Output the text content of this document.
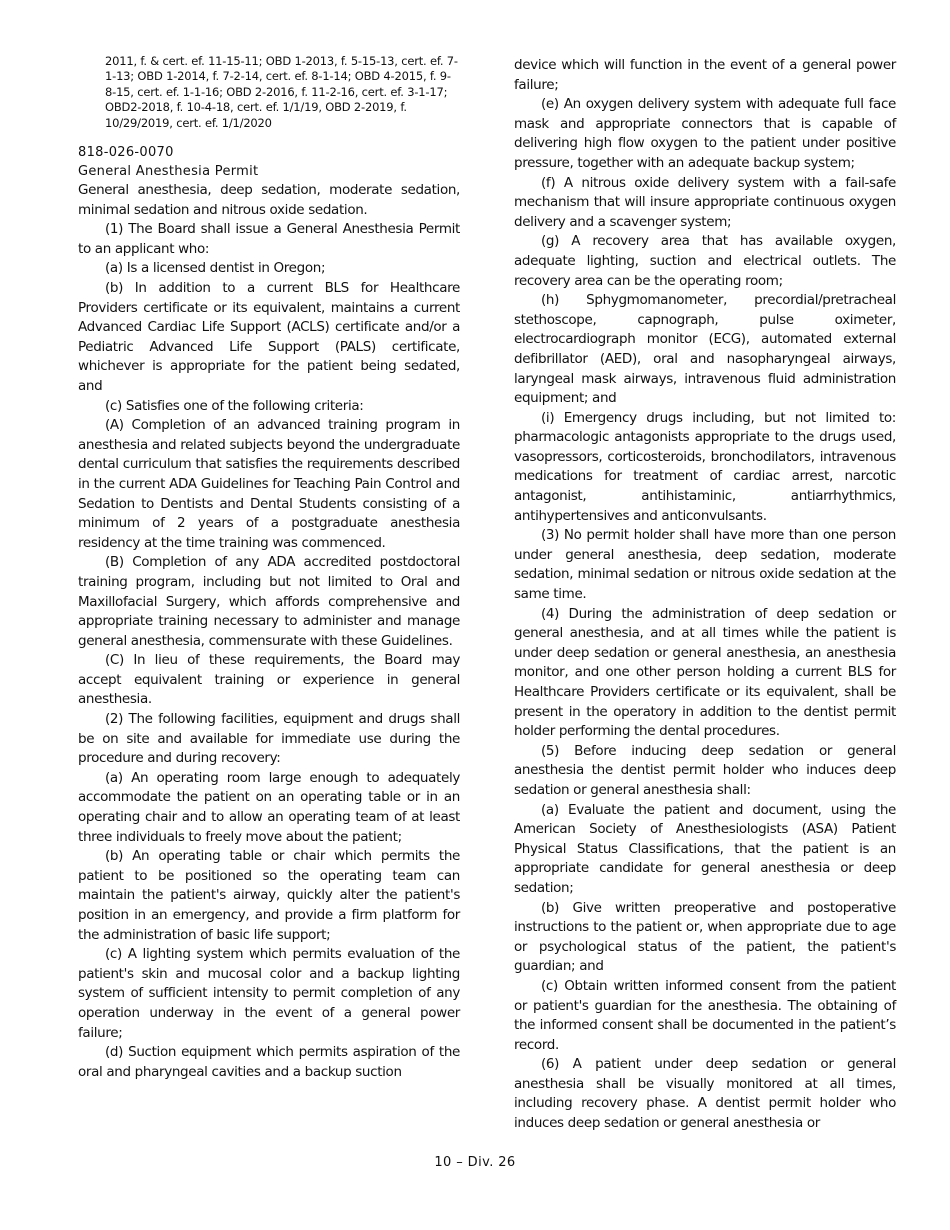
2011, f. & cert. ef. 11-15-11; OBD 1-2013, f. 5-15-13, cert. ef. 7-1-13; OBD 1-2014, f. 7-2-14, cert. ef. 8-1-14; OBD 4-2015, f. 9-8-15, cert. ef. 1-1-16; OBD 2-2016, f. 11-2-16, cert. ef. 3-1-17; OBD2-2018, f. 10-4-18, cert. ef. 1/1/19, OBD 2-2019, f. 10/29/2019, cert. ef. 1/1/2020

818-026-0070

General Anesthesia Permit

General anesthesia, deep sedation, moderate sedation, minimal sedation and nitrous oxide sedation.

(1) The Board shall issue a General Anesthesia Permit to an applicant who:

(a) Is a licensed dentist in Oregon;

(b) In addition to a current BLS for Healthcare Providers certificate or its equivalent, maintains a current Advanced Cardiac Life Support (ACLS) certificate and/or a Pediatric Advanced Life Support (PALS) certificate, whichever is appropriate for the patient being sedated, and

(c) Satisfies one of the following criteria:

(A) Completion of an advanced training program in anesthesia and related subjects beyond the undergraduate dental curriculum that satisfies the requirements described in the current ADA Guidelines for Teaching Pain Control and Sedation to Dentists and Dental Students consisting of a minimum of 2 years of a postgraduate anesthesia residency at the time training was commenced.

(B) Completion of any ADA accredited postdoctoral training program, including but not limited to Oral and Maxillofacial Surgery, which affords comprehensive and appropriate training necessary to administer and manage general anesthesia, commensurate with these Guidelines.

(C) In lieu of these requirements, the Board may accept equivalent training or experience in general anesthesia.

(2) The following facilities, equipment and drugs shall be on site and available for immediate use during the procedure and during recovery:

(a) An operating room large enough to adequately accommodate the patient on an operating table or in an operating chair and to allow an operating team of at least three individuals to freely move about the patient;

(b) An operating table or chair which permits the patient to be positioned so the operating team can maintain the patient's airway, quickly alter the patient's position in an emergency, and provide a firm platform for the administration of basic life support;

(c) A lighting system which permits evaluation of the patient's skin and mucosal color and a backup lighting system of sufficient intensity to permit completion of any operation underway in the event of a general power failure;

(d) Suction equipment which permits aspiration of the oral and pharyngeal cavities and a backup suction

device which will function in the event of a general power failure;

(e) An oxygen delivery system with adequate full face mask and appropriate connectors that is capable of delivering high flow oxygen to the patient under positive pressure, together with an adequate backup system;

(f) A nitrous oxide delivery system with a fail-safe mechanism that will insure appropriate continuous oxygen delivery and a scavenger system;

(g) A recovery area that has available oxygen, adequate lighting, suction and electrical outlets. The recovery area can be the operating room;

(h) Sphygmomanometer, precordial/pretracheal stethoscope, capnograph, pulse oximeter, electrocardiograph monitor (ECG), automated external defibrillator (AED), oral and nasopharyngeal airways, laryngeal mask airways, intravenous fluid administration equipment; and

(i) Emergency drugs including, but not limited to: pharmacologic antagonists appropriate to the drugs used, vasopressors, corticosteroids, bronchodilators, intravenous medications for treatment of cardiac arrest, narcotic antagonist, antihistaminic, antiarrhythmics, antihypertensives and anticonvulsants.

(3) No permit holder shall have more than one person under general anesthesia, deep sedation, moderate sedation, minimal sedation or nitrous oxide sedation at the same time.

(4) During the administration of deep sedation or general anesthesia, and at all times while the patient is under deep sedation or general anesthesia, an anesthesia monitor, and one other person holding a current BLS for Healthcare Providers certificate or its equivalent, shall be present in the operatory in addition to the dentist permit holder performing the dental procedures.

(5) Before inducing deep sedation or general anesthesia the dentist permit holder who induces deep sedation or general anesthesia shall:

(a) Evaluate the patient and document, using the American Society of Anesthesiologists (ASA) Patient Physical Status Classifications, that the patient is an appropriate candidate for general anesthesia or deep sedation;

(b) Give written preoperative and postoperative instructions to the patient or, when appropriate due to age or psychological status of the patient, the patient's guardian; and

(c) Obtain written informed consent from the patient or patient's guardian for the anesthesia. The obtaining of the informed consent shall be documented in the patient’s record.

(6) A patient under deep sedation or general anesthesia shall be visually monitored at all times, including recovery phase. A dentist permit holder who induces deep sedation or general anesthesia or

10 – Div. 26
